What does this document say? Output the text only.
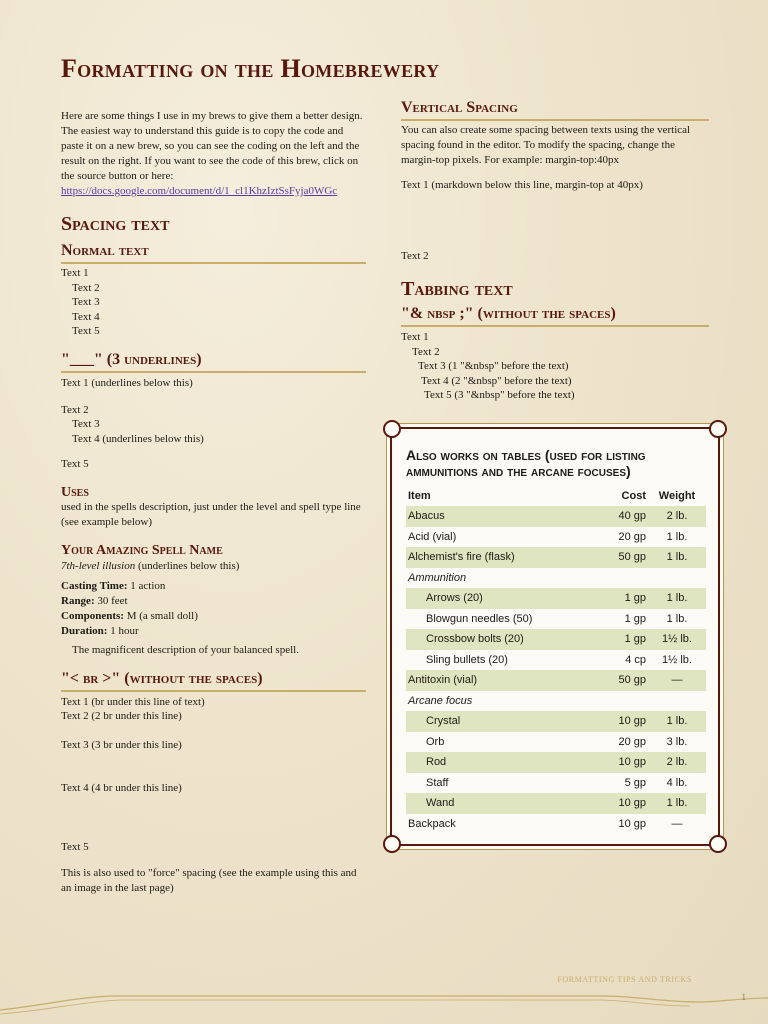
Formatting on the Homebrewery

Here are some things I use in my brews to give them a better design. The easiest way to understand this guide is to copy the code and paste it on a new brew, so you can see the coding on the left and the result on the right. If you want to see the code of this brew, click on the source button or here:

https://docs.google.com/document/d/1_cl1KhzIztSsFyja0WGc

Spacing text
Normal text

Text 1

Text 2

Text 3

Text 4

Text 5

"___" (3 underlines)

Text 1 (underlines below this)

Text 2

Text 3

Text 4 (underlines below this)

Text 5

Uses

used in the spells description, just under the level and spell type line (see example below)

Your Amazing Spell Name

7th-level illusion (underlines below this)

Casting Time: 1 action

Range: 30 feet

Components: M (a small doll)

Duration: 1 hour

The magnificent description of your balanced spell.

"< br >" (without the spaces)

Text 1 (br under this line of text)

Text 2 (2 br under this line)

Text 3 (3 br under this line)

Text 4 (4 br under this line)

Text 5

This is also used to "force" spacing (see the example using this and an image in the last page)

Vertical Spacing

You can also create some spacing between texts using the vertical spacing found in the editor. To modify the spacing, change the margin-top pixels. For example: margin-top:40px

Text 1 (markdown below this line, margin-top at 40px)

Text 2

Tabbing text
"& nbsp ;" (without the spaces)

Text 1

Text 2

Text 3 (1 "&nbsp" before the text)

Text 4 (2 "&nbsp" before the text)

Text 5 (3 "&nbsp" before the text)

Also works on tables (used for listing ammunitions and the arcane focuses)
Item	Cost	Weight
Abacus	40 gp	2 lb.
Acid (vial)	20 gp	1 lb.
Alchemist's fire (flask)	50 gp	1 lb.
Ammunition		
Arrows (20)	1 gp	1 lb.
Blowgun needles (50)	1 gp	1 lb.
Crossbow bolts (20)	1 gp	1½ lb.
Sling bullets (20)	4 cp	1½ lb.
Antitoxin (vial)	50 gp	—
Arcane focus		
Crystal	10 gp	1 lb.
Orb	20 gp	3 lb.
Rod	10 gp	2 lb.
Staff	5 gp	4 lb.
Wand	10 gp	1 lb.
Backpack	10 gp	—

FORMATTING TIPS AND TRICKS

1
